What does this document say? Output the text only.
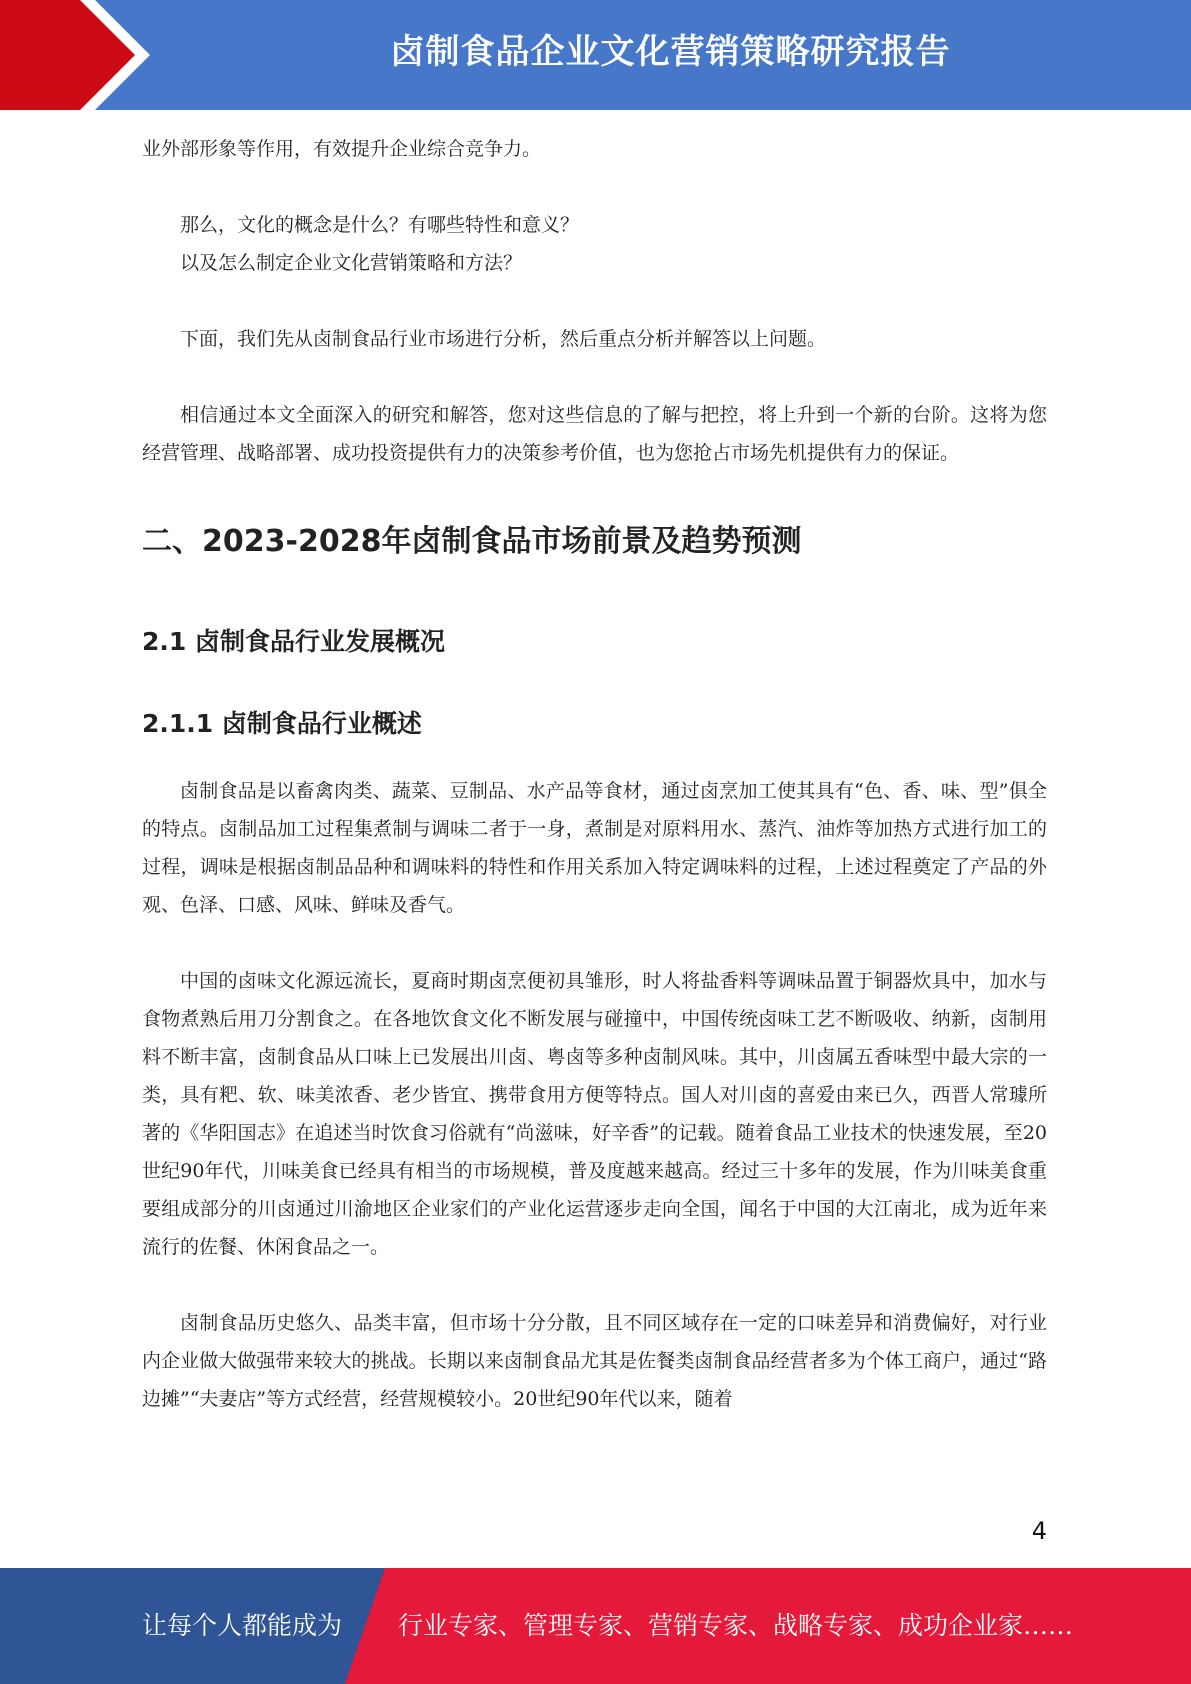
卤制食品企业文化营销策略研究报告

业外部形象等作用，有效提升企业综合竞争力。

那么，文化的概念是什么？有哪些特性和意义？

以及怎么制定企业文化营销策略和方法？

下面，我们先从卤制食品行业市场进行分析，然后重点分析并解答以上问题。

相信通过本文全面深入的研究和解答，您对这些信息的了解与把控，将上升到一个新的台阶。这将为您经营管理、战略部署、成功投资提供有力的决策参考价值，也为您抢占市场先机提供有力的保证。

二、2023-2028年卤制食品市场前景及趋势预测
2.1 卤制食品行业发展概况
2.1.1 卤制食品行业概述

卤制食品是以畜禽肉类、蔬菜、豆制品、水产品等食材，通过卤烹加工使其具有“色、香、味、型”俱全的特点。卤制品加工过程集煮制与调味二者于一身，煮制是对原料用水、蒸汽、油炸等加热方式进行加工的过程，调味是根据卤制品品种和调味料的特性和作用关系加入特定调味料的过程，上述过程奠定了产品的外观、色泽、口感、风味、鲜味及香气。

中国的卤味文化源远流长，夏商时期卤烹便初具雏形，时人将盐香料等调味品置于铜器炊具中，加水与食物煮熟后用刀分割食之。在各地饮食文化不断发展与碰撞中，中国传统卤味工艺不断吸收、纳新，卤制用料不断丰富，卤制食品从口味上已发展出川卤、粤卤等多种卤制风味。其中，川卤属五香味型中最大宗的一类，具有粑、软、味美浓香、老少皆宜、携带食用方便等特点。国人对川卤的喜爱由来已久，西晋人常璩所著的《华阳国志》在追述当时饮食习俗就有“尚滋味，好辛香”的记载。随着食品工业技术的快速发展，至20世纪90年代，川味美食已经具有相当的市场规模，普及度越来越高。经过三十多年的发展，作为川味美食重要组成部分的川卤通过川渝地区企业家们的产业化运营逐步走向全国，闻名于中国的大江南北，成为近年来流行的佐餐、休闲食品之一。

卤制食品历史悠久、品类丰富，但市场十分分散，且不同区域存在一定的口味差异和消费偏好，对行业内企业做大做强带来较大的挑战。长期以来卤制食品尤其是佐餐类卤制食品经营者多为个体工商户，通过“路边摊”“夫妻店”等方式经营，经营规模较小。20世纪90年代以来，随着

4
让每个人都能成为 行业专家、管理专家、营销专家、战略专家、成功企业家……
